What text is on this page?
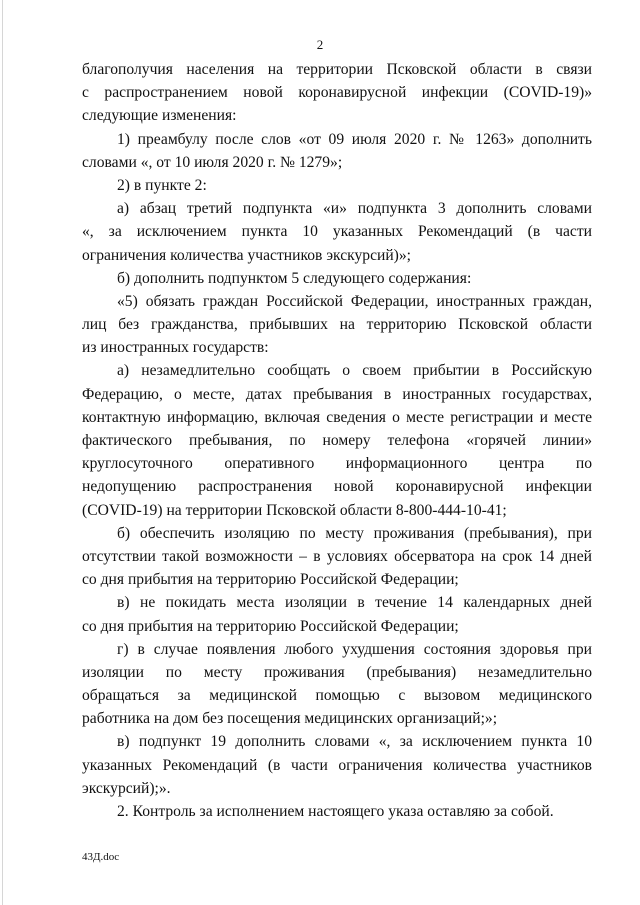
2
благополучия населения на территории Псковской области в связи
с распространением новой коронавирусной инфекции (COVID-19)»
следующие изменения:
1) преамбулу после слов «от 09 июля 2020 г. № 1263» дополнить
словами «, от 10 июля 2020 г. № 1279»;
2) в пункте 2:
а) абзац третий подпункта «и» подпункта 3 дополнить словами
«, за исключением пункта 10 указанных Рекомендаций (в части
ограничения количества участников экскурсий)»;
б) дополнить подпунктом 5 следующего содержания:
«5) обязать граждан Российской Федерации, иностранных граждан,
лиц без гражданства, прибывших на территорию Псковской области
из иностранных государств:
а) незамедлительно сообщать о своем прибытии в Российскую
Федерацию, о месте, датах пребывания в иностранных государствах,
контактную информацию, включая сведения о месте регистрации и месте
фактического пребывания, по номеру телефона «горячей линии»
круглосуточного оперативного информационного центра по
недопущению распространения новой коронавирусной инфекции
(COVID-19) на территории Псковской области 8-800-444-10-41;
б) обеспечить изоляцию по месту проживания (пребывания), при
отсутствии такой возможности – в условиях обсерватора на срок 14 дней
со дня прибытия на территорию Российской Федерации;
в) не покидать места изоляции в течение 14 календарных дней
со дня прибытия на территорию Российской Федерации;
г) в случае появления любого ухудшения состояния здоровья при
изоляции по месту проживания (пребывания) незамедлительно
обращаться за медицинской помощью с вызовом медицинского
работника на дом без посещения медицинских организаций;»;
в) подпункт 19 дополнить словами «, за исключением пункта 10
указанных Рекомендаций (в части ограничения количества участников
экскурсий);».
2. Контроль за исполнением настоящего указа оставляю за собой.
43Д.doc
